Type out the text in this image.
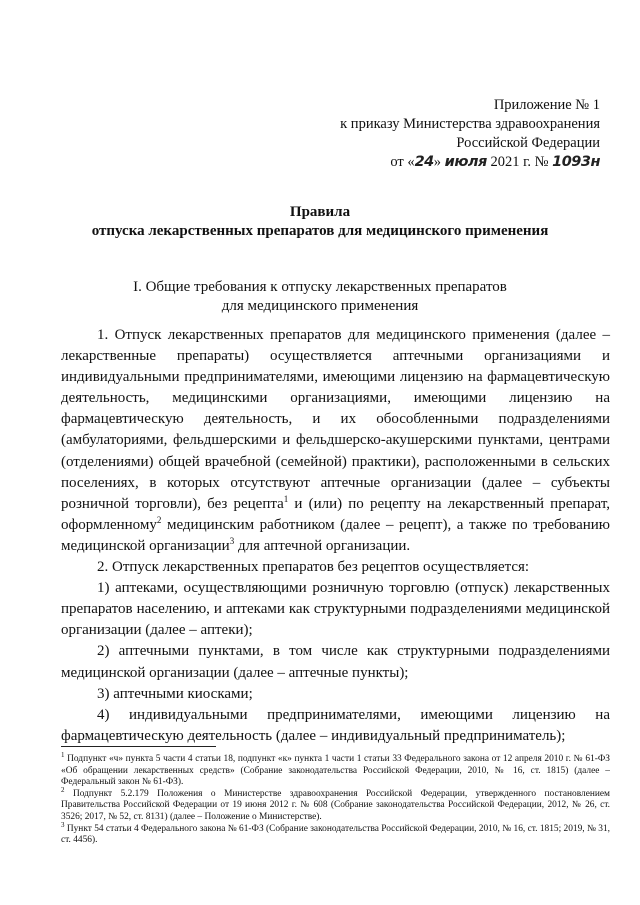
Приложение № 1
к приказу Министерства здравоохранения
Российской Федерации
от «24» июля 2021 г. № 1093н
Правила
отпуска лекарственных препаратов для медицинского применения
I. Общие требования к отпуску лекарственных препаратов
для медицинского применения

1. Отпуск лекарственных препаратов для медицинского применения (далее – лекарственные препараты) осуществляется аптечными организациями и индивидуальными предпринимателями, имеющими лицензию на фармацевтическую деятельность, медицинскими организациями, имеющими лицензию на фармацевтическую деятельность, и их обособленными подразделениями (амбулаториями, фельдшерскими и фельдшерско-акушерскими пунктами, центрами (отделениями) общей врачебной (семейной) практики), расположенными в сельских поселениях, в которых отсутствуют аптечные организации (далее – субъекты розничной торговли), без рецепта$^1$ и (или) по рецепту на лекарственный препарат, оформленному$^2$ медицинским работником (далее – рецепт), а также по требованию медицинской организации$^3$ для аптечной организации.

2. Отпуск лекарственных препаратов без рецептов осуществляется:

1) аптеками, осуществляющими розничную торговлю (отпуск) лекарственных препаратов населению, и аптеками как структурными подразделениями медицинской организации (далее – аптеки);

2) аптечными пунктами, в том числе как структурными подразделениями медицинской организации (далее – аптечные пункты);

3) аптечными киосками;

4) индивидуальными предпринимателями, имеющими лицензию на фармацевтическую деятельность (далее – индивидуальный предприниматель);

$^1$ Подпункт «ч» пункта 5 части 4 статьи 18, подпункт «к» пункта 1 части 1 статьи 33 Федерального закона от 12 апреля 2010 г. № 61-ФЗ «Об обращении лекарственных средств» (Собрание законодательства Российской Федерации, 2010, № 16, ст. 1815) (далее – Федеральный закон № 61-ФЗ).

$^2$ Подпункт 5.2.179 Положения о Министерстве здравоохранения Российской Федерации, утвержденного постановлением Правительства Российской Федерации от 19 июня 2012 г. № 608 (Собрание законодательства Российской Федерации, 2012, № 26, ст. 3526; 2017, № 52, ст. 8131) (далее – Положение о Министерстве).

$^3$ Пункт 54 статьи 4 Федерального закона № 61-ФЗ (Собрание законодательства Российской Федерации, 2010, № 16, ст. 1815; 2019, № 31, ст. 4456).
